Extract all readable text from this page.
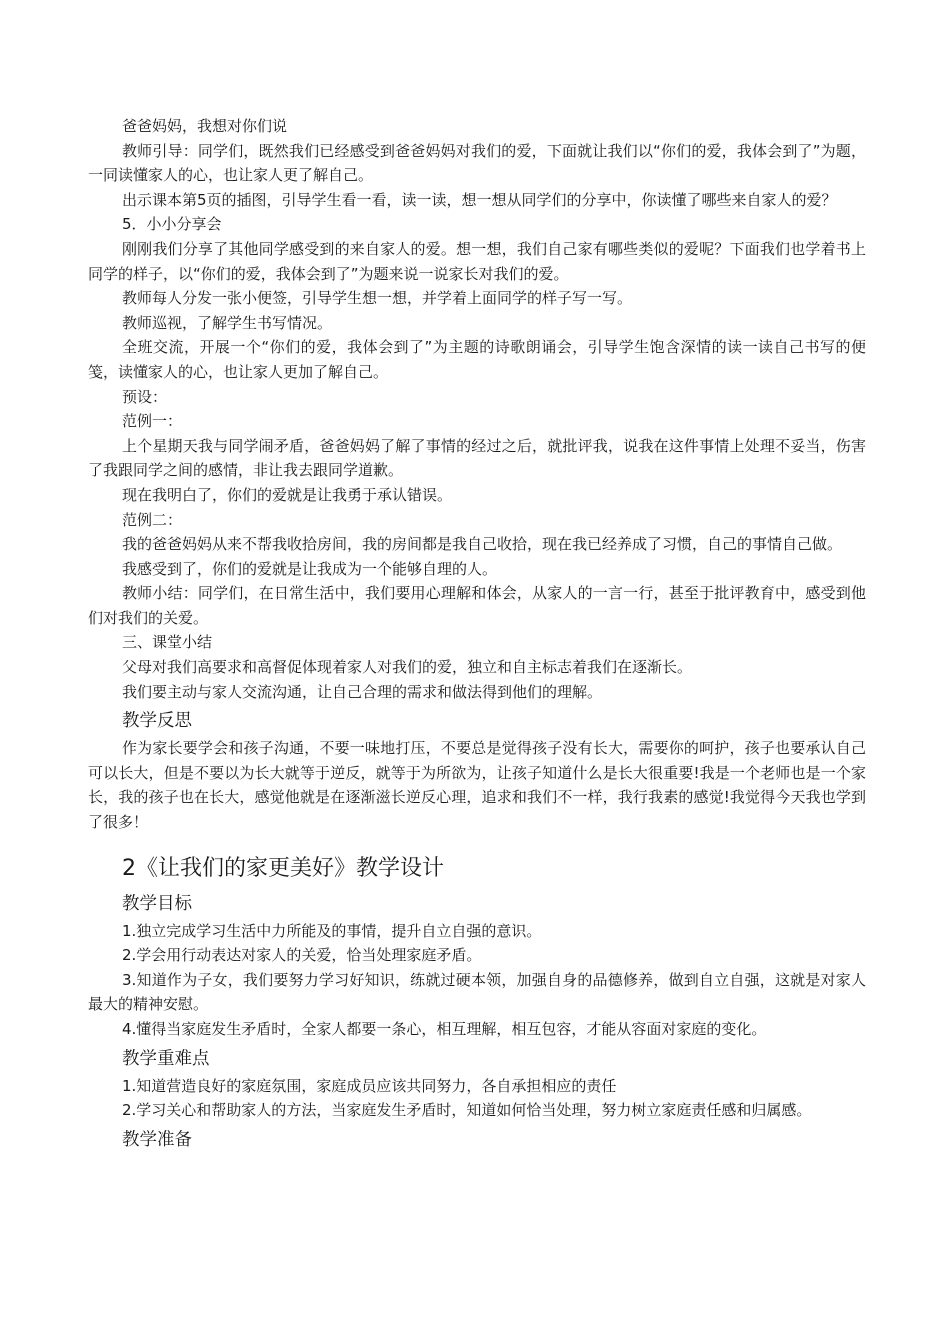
爸爸妈妈，我想对你们说

教师引导：同学们，既然我们已经感受到爸爸妈妈对我们的爱，下面就让我们以“你们的爱，我体会到了”为题，一同读懂家人的心，也让家人更了解自己。

出示课本第5页的插图，引导学生看一看，读一读，想一想从同学们的分享中，你读懂了哪些来自家人的爱？

5．小小分享会

刚刚我们分享了其他同学感受到的来自家人的爱。想一想，我们自己家有哪些类似的爱呢？下面我们也学着书上同学的样子，以“你们的爱，我体会到了”为题来说一说家长对我们的爱。

教师每人分发一张小便签，引导学生想一想，并学着上面同学的样子写一写。

教师巡视，了解学生书写情况。

全班交流，开展一个“你们的爱，我体会到了”为主题的诗歌朗诵会，引导学生饱含深情的读一读自己书写的便笺，读懂家人的心，也让家人更加了解自己。

预设：

范例一：

上个星期天我与同学闹矛盾，爸爸妈妈了解了事情的经过之后，就批评我，说我在这件事情上处理不妥当，伤害了我跟同学之间的感情，非让我去跟同学道歉。

现在我明白了，你们的爱就是让我勇于承认错误。

范例二：

我的爸爸妈妈从来不帮我收拾房间，我的房间都是我自己收拾，现在我已经养成了习惯，自己的事情自己做。

我感受到了，你们的爱就是让我成为一个能够自理的人。

教师小结：同学们，在日常生活中，我们要用心理解和体会，从家人的一言一行，甚至于批评教育中，感受到他们对我们的关爱。

三、课堂小结

父母对我们高要求和高督促体现着家人对我们的爱，独立和自主标志着我们在逐渐长。

我们要主动与家人交流沟通，让自己合理的需求和做法得到他们的理解。

教学反思

作为家长要学会和孩子沟通，不要一味地打压，不要总是觉得孩子没有长大，需要你的呵护，孩子也要承认自己可以长大，但是不要以为长大就等于逆反，就等于为所欲为，让孩子知道什么是长大很重要!我是一个老师也是一个家长，我的孩子也在长大，感觉他就是在逐渐滋长逆反心理，追求和我们不一样，我行我素的感觉!我觉得今天我也学到了很多！

2《让我们的家更美好》教学设计

教学目标

1.独立完成学习生活中力所能及的事情，提升自立自强的意识。

2.学会用行动表达对家人的关爱，恰当处理家庭矛盾。

3.知道作为子女，我们要努力学习好知识，练就过硬本领，加强自身的品德修养，做到自立自强，这就是对家人最大的精神安慰。

4.懂得当家庭发生矛盾时，全家人都要一条心，相互理解，相互包容，才能从容面对家庭的变化。

教学重难点

1.知道营造良好的家庭氛围，家庭成员应该共同努力，各自承担相应的责任

2.学习关心和帮助家人的方法，当家庭发生矛盾时，知道如何恰当处理，努力树立家庭责任感和归属感。

教学准备
